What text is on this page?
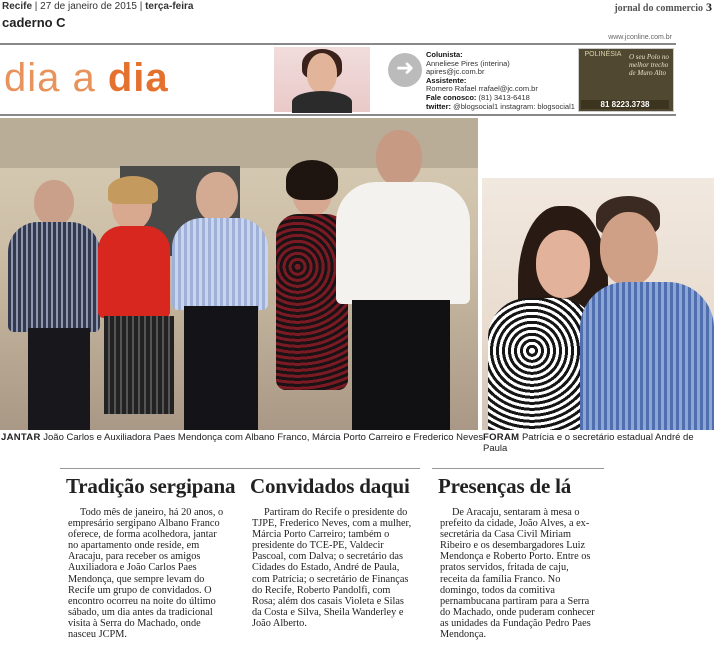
Recife | 27 de janeiro de 2015 | terça-feira	jornal do commercio 3
caderno C
www.jconline.com.br
dia a dia	➜
Colunista:
Anneliese Pires (interina)
apires@jc.com.br
Assistente:
Romero Rafael rrafael@jc.com.br
Fale conosco: (81) 3413-6418
twitter: @blogsocial1 instagram: blogsocial1
POLINÉSIA O seu Polo no melhor trecho de Muro Alto
81 8223.3738
JANTAR João Carlos e Auxiliadora Paes Mendonça com Albano Franco, Márcia Porto Carreiro e Frederico Neves FORAM Patrícia e o secretário estadual André de Paula
Tradição sergipana
Todo mês de janeiro, há 20 anos, o empresário sergipano Albano Franco oferece, de forma acolhedora, jantar no apartamento onde reside, em Aracaju, para receber os amigos Auxiliadora e João Carlos Paes Mendonça, que sempre levam do Recife um grupo de convidados. O encontro ocorreu na noite do último sábado, um dia antes da tradicional visita à Serra do Machado, onde nasceu JCPM.
Convidados daqui
Partiram do Recife o presidente do TJPE, Frederico Neves, com a mulher, Márcia Porto Carreiro; também o presidente do TCE-PE, Valdecir Pascoal, com Dalva; o secretário das Cidades do Estado, André de Paula, com Patrícia; o secretário de Finanças do Recife, Roberto Pandolfi, com Rosa; além dos casais Violeta e Silas da Costa e Silva, Sheila Wanderley e João Alberto.
Presenças de lá
De Aracaju, sentaram à mesa o prefeito da cidade, João Alves, a ex-secretária da Casa Civil Miriam Ribeiro e os desembargadores Luiz Mendonça e Roberto Porto. Entre os pratos servidos, fritada de caju, receita da família Franco. No domingo, todos da comitiva pernambucana partiram para a Serra do Machado, onde puderam conhecer as unidades da Fundação Pedro Paes Mendonça.
